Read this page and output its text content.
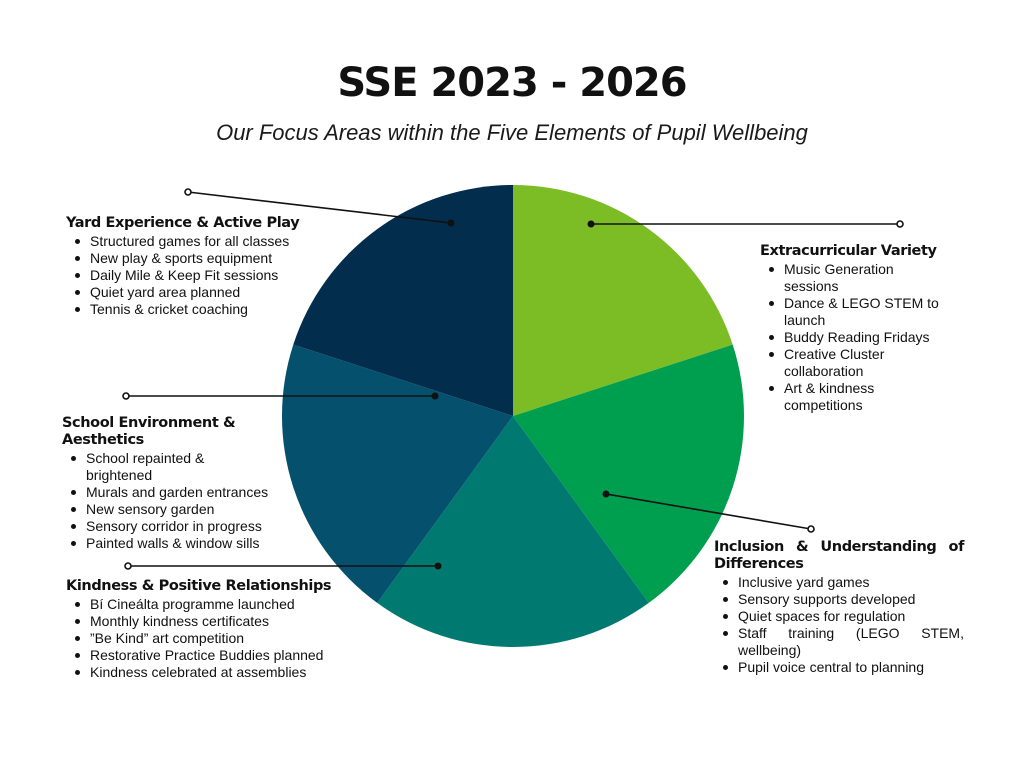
SSE 2023 - 2026
Our Focus Areas within the Five Elements of Pupil Wellbeing
Yard Experience & Active Play
Structured games for all classes
New play & sports equipment
Daily Mile & Keep Fit sessions
Quiet yard area planned
Tennis & cricket coaching
School Environment & Aesthetics
School repainted & brightened
Murals and garden entrances
New sensory garden
Sensory corridor in progress
Painted walls & window sills
Kindness & Positive Relationships
Bí Cineálta programme launched
Monthly kindness certificates
”Be Kind” art competition
Restorative Practice Buddies planned
Kindness celebrated at assemblies
Extracurricular Variety
Music Generation sessions
Dance & LEGO STEM to launch
Buddy Reading Fridays
Creative Cluster collaboration
Art & kindness competitions
Inclusion & Understanding of Differences
Inclusive yard games
Sensory supports developed
Quiet spaces for regulation
Staff training (LEGO STEM, wellbeing)
Pupil voice central to planning
